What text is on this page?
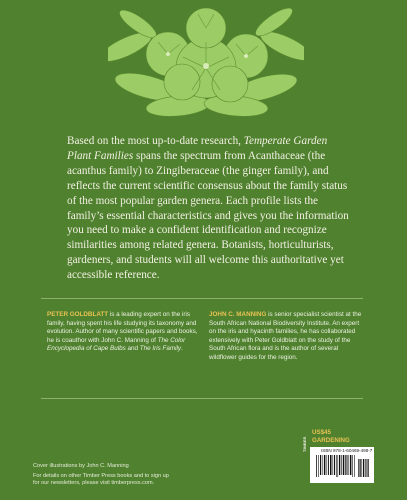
Based on the most up-to-date research, Temperate Garden Plant Families spans the spectrum from Acanthaceae (the acanthus family) to Zingiberaceae (the ginger family), and reflects the current scientific consensus about the family status of the most popular garden genera. Each profile lists the family’s essential characteristics and gives you the information you need to make a confident identification and recognize similarities among related genera. Botanists, horticulturists, gardeners, and students will all welcome this authoritative yet accessible reference.

PETER GOLDBLATT is a leading expert on the iris family, having spent his life studying its taxonomy and evolution. Author of many scientific papers and books, he is coauthor with John C. Manning of The Color Encyclopedia of Cape Bulbs and The Iris Family.

JOHN C. MANNING is senior specialist scientist at the South African National Biodiversity Institute. An expert on the iris and hyacinth families, he has collaborated extensively with Peter Goldblatt on the study of the South African flora and is the author of several wildflower guides for the region.

US$45
GARDENING
ISBN 978-1-60469-498-7
TIMBER
Cover illustrations by John C. Manning
For details on other Timber Press books and to sign up
for our newsletters, please visit timberpress.com.
